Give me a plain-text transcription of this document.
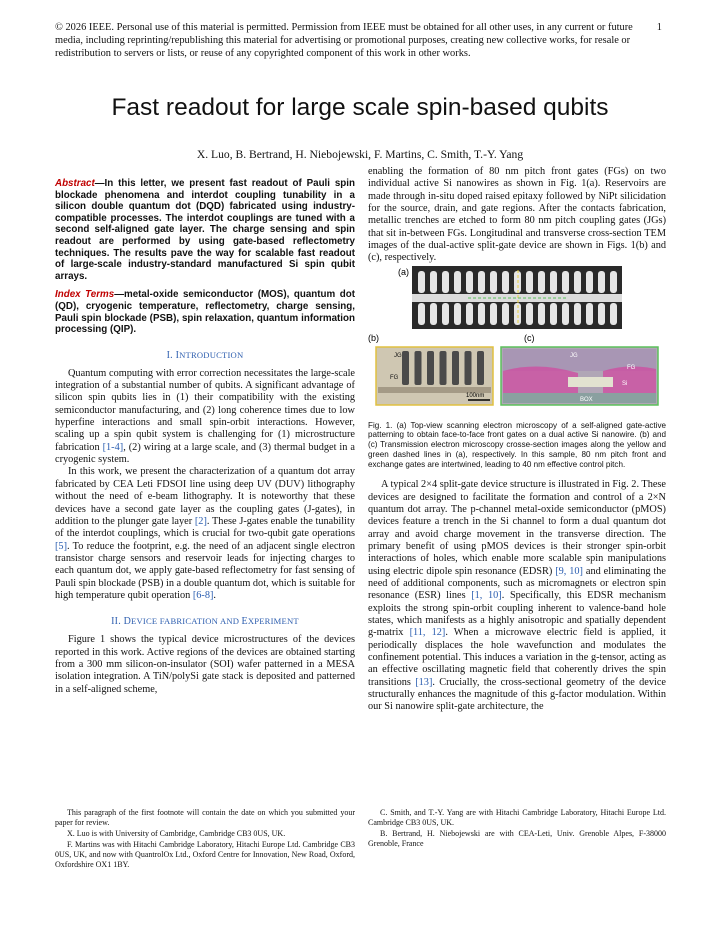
© 2026 IEEE. Personal use of this material is permitted. Permission from IEEE must be obtained for all other uses, in any current or future media, including reprinting/republishing this material for advertising or promotional purposes, creating new collective works, for resale or redistribution to servers or lists, or reuse of any copyrighted component of this work in other works.
1
Fast readout for large scale spin-based qubits
X. Luo, B. Bertrand, H. Niebojewski, F. Martins, C. Smith, T.-Y. Yang

Abstract—In this letter, we present fast readout of Pauli spin blockade phenomena and interdot coupling tunability in a silicon double quantum dot (DQD) fabricated using industry-compatible processes. The interdot couplings are tuned with a second self-aligned gate layer. The charge sensing and spin readout are performed by using gate-based reflectometry techniques. The results pave the way for scalable fast readout of large-scale industry-standard manufactured Si spin qubit arrays.

Index Terms—metal-oxide semiconductor (MOS), quantum dot (QD), cryogenic temperature, reflectometry, charge sensing, Pauli spin blockade (PSB), spin relaxation, quantum information processing (QIP).

I. INTRODUCTION

Quantum computing with error correction necessitates the large-scale integration of a substantial number of qubits. A significant advantage of silicon spin qubits lies in (1) their compatibility with the existing semiconductor manufacturing, and (2) long coherence times due to low hyperfine interactions and small spin-orbit interactions. However, scaling up a spin qubit system is challenging for (1) microstructure fabrication [1-4], (2) wiring at a large scale, and (3) thermal budget in a cryogenic system.

In this work, we present the characterization of a quantum dot array fabricated by CEA Leti FDSOI line using deep UV (DUV) lithography without the need of e-beam lithography. It is noteworthy that these devices have a second gate layer as the coupling gates (J-gates), in addition to the plunger gate layer [2]. These J-gates enable the tunability of the interdot couplings, which is crucial for two-qubit gate operations [5]. To reduce the footprint, e.g. the need of an adjacent single electron transistor charge sensors and reservoir leads for injecting charges to each quantum dot, we apply gate-based reflectometry for fast sensing of Pauli spin blockade (PSB) in a double quantum dot, which is suitable for high temperature qubit operation [6-8].

II. DEVICE FABRICATION AND EXPERIMENT

Figure 1 shows the typical device microstructures of the devices reported in this work. Active regions of the devices are obtained starting from a 300 mm silicon-on-insulator (SOI) wafer patterned in a MESA isolation integration. A TiN/polySi gate stack is deposited and patterned in a self-aligned scheme,

enabling the formation of 80 nm pitch front gates (FGs) on two individual active Si nanowires as shown in Fig. 1(a). Reservoirs are made through in-situ doped raised epitaxy followed by NiPt silicidation for the source, drain, and gate regions. After the contacts fabrication, metallic trenches are etched to form 80 nm pitch coupling gates (JGs) that sit in-between FGs. Longitudinal and transverse cross-section TEM images of the dual-active split-gate device are shown in Figs. 1(b) and (c), respectively.

(a)
(b)
JG
FG
100nm
(c)
JG
FG
Si
BOX

Fig. 1. (a) Top-view scanning electron microscopy of a self-aligned gate-active patterning to obtain face-to-face front gates on a dual active Si nanowire. (b) and (c) Transmission electron microscopy crosse-section images along the yellow and green dashed lines in (a), respectively. In this sample, 80 nm pitch front and exchange gates are intertwined, leading to 40 nm effective control pitch.

A typical 2×4 split-gate device structure is illustrated in Fig. 2. These devices are designed to facilitate the formation and control of a 2×N quantum dot array. The p-channel metal-oxide semiconductor (pMOS) devices feature a trench in the Si channel to form a dual quantum dot array and avoid charge movement in the transverse direction. The primary benefit of using pMOS devices is their stronger spin-orbit interactions of holes, which enable more scalable spin manipulations using electric dipole spin resonance (EDSR) [9, 10] and eliminating the need of additional components, such as micromagnets or electron spin resonance (ESR) lines [1, 10]. Specifically, this EDSR mechanism exploits the strong spin-orbit coupling inherent to valence-band hole states, which manifests as a highly anisotropic and spatially dependent g-matrix [11, 12]. When a microwave electric field is applied, it periodically displaces the hole wavefunction and modulates the confinement potential. This induces a variation in the g-tensor, acting as an effective oscillating magnetic field that coherently drives the spin transitions [13]. Crucially, the cross-sectional geometry of the device structurally enhances the magnitude of this g-factor modulation. Within our Si nanowire split-gate architecture, the

This paragraph of the first footnote will contain the date on which you submitted your paper for review.

X. Luo is with University of Cambridge, Cambridge CB3 0US, UK.

F. Martins was with Hitachi Cambridge Laboratory, Hitachi Europe Ltd. Cambridge CB3 0US, UK, and now with QuantrolOx Ltd., Oxford Centre for Innovation, New Road, Oxford, Oxfordshire OX1 1BY.

C. Smith, and T.-Y. Yang are with Hitachi Cambridge Laboratory, Hitachi Europe Ltd. Cambridge CB3 0US, UK.

B. Bertrand, H. Niebojewski are with CEA-Leti, Univ. Grenoble Alpes, F-38000 Grenoble, France
